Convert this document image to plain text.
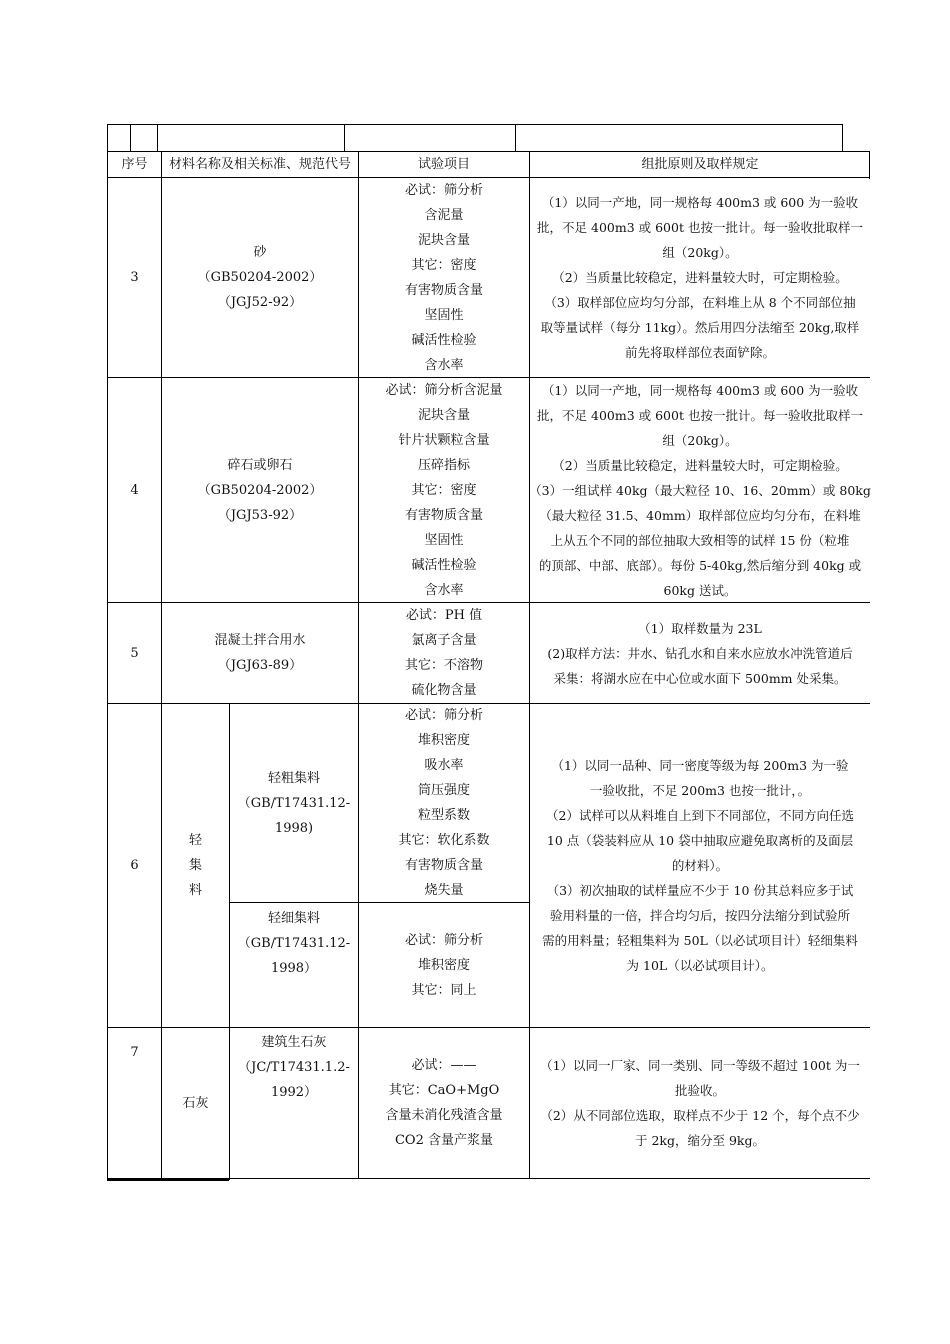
序号 材料名称及相关标准、规范代号	试验项目	组批原则及取样规定
3
砂
（GB50204-2002）
（JGJ52-92）
必试：筛分析
含泥量
泥块含量
其它：密度
有害物质含量
坚固性
碱活性检验
含水率
（1）以同一产地，同一规格每 400m3 或 600 为一验收
批，不足 400m3 或 600t 也按一批计。每一验收批取样一
组（20kg）。
（2）当质量比较稳定，进料量较大时，可定期检验。
（3）取样部位应均匀分部，在料堆上从 8 个不同部位抽
取等量试样（每分 11kg）。然后用四分法缩至 20kg,取样
前先将取样部位表面铲除。
4
碎石或卵石
（GB50204-2002）
（JGJ53-92）
必试：筛分析含泥量
泥块含量
针片状颗粒含量
压碎指标
其它：密度
有害物质含量
坚固性
碱活性检验
含水率
（1）以同一产地，同一规格每 400m3 或 600 为一验收
批，不足 400m3 或 600t 也按一批计。每一验收批取样一
组（20kg）。
（2）当质量比较稳定，进料量较大时，可定期检验。
（3）一组试样 40kg（最大粒径 10、16、20mm）或 80kg
（最大粒径 31.5、40mm）取样部位应均匀分布，在料堆
上从五个不同的部位抽取大致相等的试样 15 份（粒堆
的顶部、中部、底部）。每份 5-40kg,然后缩分到 40kg 或
60kg 送试。
5
混凝土拌合用水
（JGJ63-89）
必试：PH 值
氯离子含量
其它：不溶物
硫化物含量
（1）取样数量为 23L
(2)取样方法：井水、钻孔水和自来水应放水冲洗管道后
采集：将湖水应在中心位或水面下 500mm 处采集。
6
轻
集
料
轻粗集料
（GB/T17431.12-
1998)
必试：筛分析
堆积密度
吸水率
筒压强度
粒型系数
其它：软化系数
有害物质含量
烧失量
轻细集料
（GB/T17431.12-
1998）
必试：筛分析
堆积密度
其它：同上
（1）以同一品种、同一密度等级为每 200m3 为一验
一验收批，不足 200m3 也按一批计，。
（2）试样可以从料堆自上到下不同部位，不同方向任选
10 点（袋装料应从 10 袋中抽取应避免取离析的及面层
的材料）。
（3）初次抽取的试样量应不少于 10 份其总料应多于试
验用料量的一倍，拌合均匀后，按四分法缩分到试验所
需的用料量；轻粗集料为 50L（以必试项目计）轻细集料
为 10L（以必试项目计）。
7
石灰
建筑生石灰
（JC/T17431.1.2-
1992）
必试：——
其它：CaO+MgO
含量未消化残渣含量
CO2 含量产浆量
（1）以同一厂家、同一类别、同一等级不超过 100t 为一
批验收。
（2）从不同部位选取，取样点不少于 12 个，每个点不少
于 2kg，缩分至 9kg。
